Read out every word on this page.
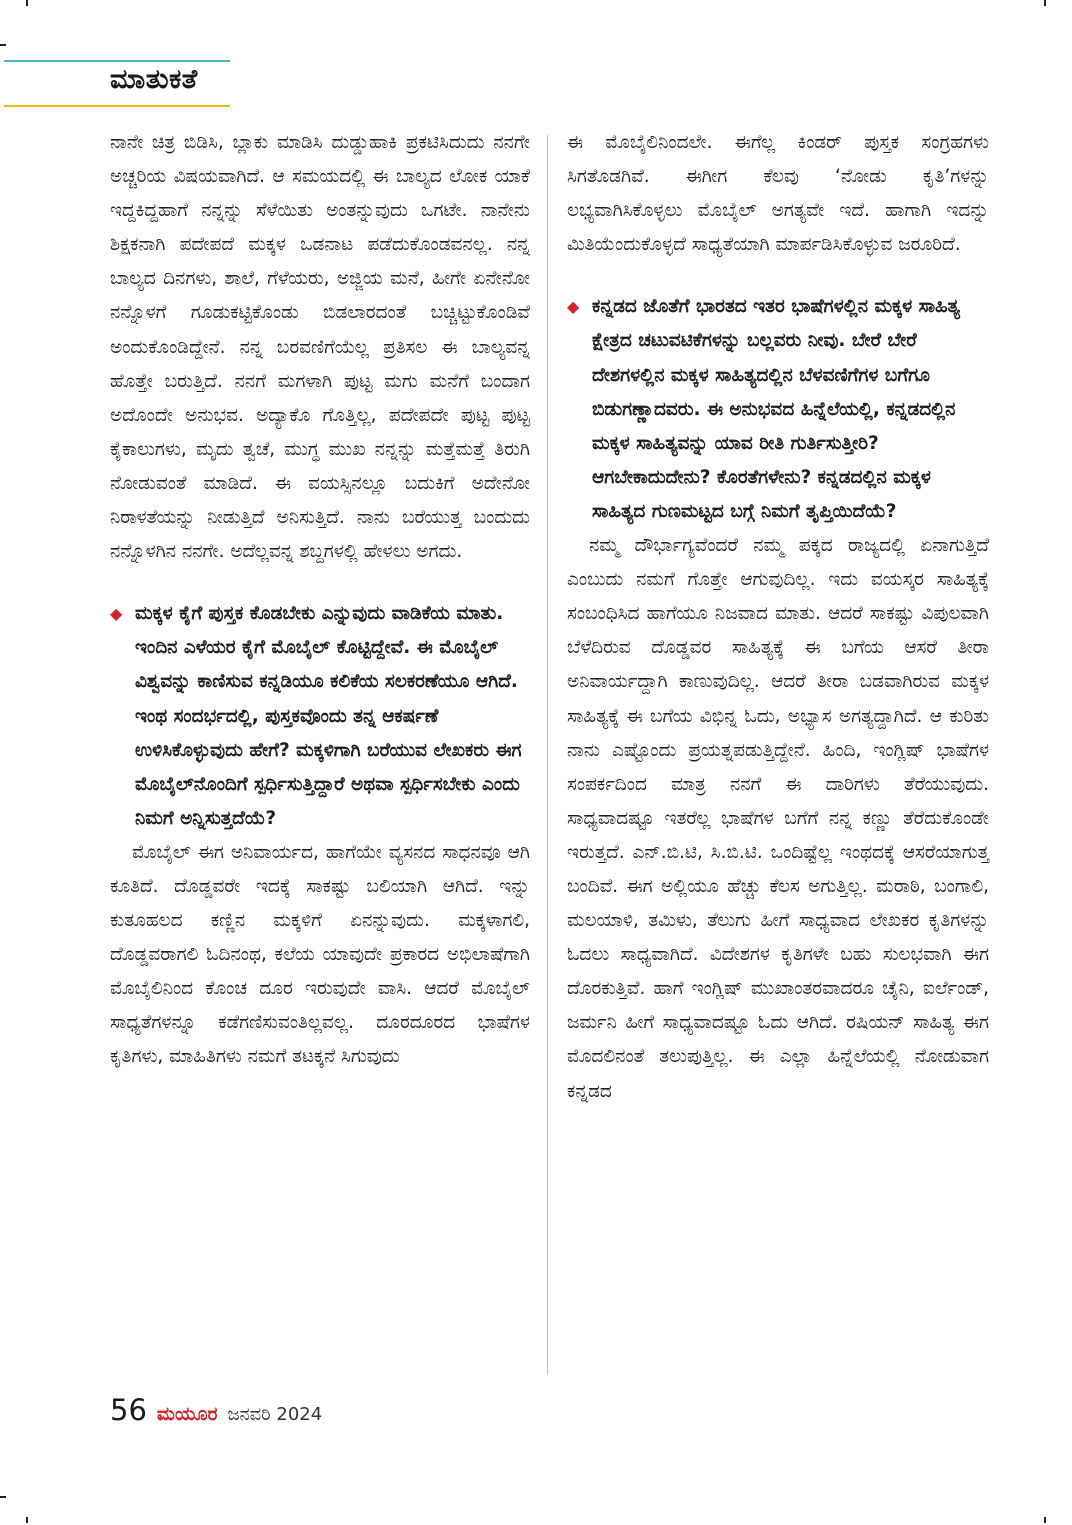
ಮಾತುಕತೆ

ನಾನೇ ಚಿತ್ರ ಬಿಡಿಸಿ, ಬ್ಲಾಕು ಮಾಡಿಸಿ ದುಡ್ಡುಹಾಕಿ ಪ್ರಕಟಿಸಿದುದು ನನಗೇ ಅಚ್ಚರಿಯ ವಿಷಯವಾಗಿದೆ. ಆ ಸಮಯದಲ್ಲಿ ಈ ಬಾಲ್ಯದ ಲೋಕ ಯಾಕೆ ಇದ್ದಕಿದ್ದಹಾಗೆ ನನ್ನನ್ನು ಸೆಳೆಯಿತು ಅಂತನ್ನುವುದು ಒಗಟೇ. ನಾನೇನು ಶಿಕ್ಷಕನಾಗಿ ಪದೇಪದೆ ಮಕ್ಕಳ ಒಡನಾಟ ಪಡೆದುಕೊಂಡವನಲ್ಲ. ನನ್ನ ಬಾಲ್ಯದ ದಿನಗಳು, ಶಾಲೆ, ಗೆಳೆಯರು, ಅಜ್ಜಿಯ ಮನೆ, ಹೀಗೇ ಏನೇನೋ ನನ್ನೊಳಗೆ ಗೂಡುಕಟ್ಟಿಕೊಂಡು ಬಿಡಲಾರದಂತೆ ಬಚ್ಚಿಟ್ಟುಕೊಂಡಿವೆ ಅಂದುಕೊಂಡಿದ್ದೇನೆ. ನನ್ನ ಬರವಣಿಗೆಯೆಲ್ಲ ಪ್ರತಿಸಲ ಈ ಬಾಲ್ಯವನ್ನ ಹೊತ್ತೇ ಬರುತ್ತಿದೆ. ನನಗೆ ಮಗಳಾಗಿ ಪುಟ್ಟ ಮಗು ಮನೆಗೆ ಬಂದಾಗ ಅದೊಂದೇ ಅನುಭವ. ಅದ್ಯಾಕೊ ಗೊತ್ತಿಲ್ಲ, ಪದೇಪದೇ ಪುಟ್ಟ ಪುಟ್ಟ ಕೈಕಾಲುಗಳು, ಮೃದು ತ್ವಚೆ, ಮುಗ್ಧ ಮುಖ ನನ್ನನ್ನು ಮತ್ತೆಮತ್ತೆ ತಿರುಗಿ ನೋಡುವಂತೆ ಮಾಡಿದೆ. ಈ ವಯಸ್ಸಿನಲ್ಲೂ ಬದುಕಿಗೆ ಅದೇನೋ ನಿರಾಳತೆಯನ್ನು ನೀಡುತ್ತಿದೆ ಅನಿಸುತ್ತಿದೆ. ನಾನು ಬರೆಯುತ್ತ ಬಂದುದು ನನ್ನೊಳಗಿನ ನನಗೇ. ಅದೆಲ್ಲವನ್ನ ಶಬ್ದಗಳಲ್ಲಿ ಹೇಳಲು ಅಗದು.

◆ ಮಕ್ಕಳ ಕೈಗೆ ಪುಸ್ತಕ ಕೊಡಬೇಕು ಎನ್ನುವುದು ವಾಡಿಕೆಯ ಮಾತು. ಇಂದಿನ ಎಳೆಯರ ಕೈಗೆ ಮೊಬೈಲ್ ಕೊಟ್ಟಿದ್ದೇವೆ. ಈ ಮೊಬೈಲ್ ವಿಶ್ವವನ್ನು ಕಾಣಿಸುವ ಕನ್ನಡಿಯೂ ಕಲಿಕೆಯ ಸಲಕರಣೆಯೂ ಆಗಿದೆ. ಇಂಥ ಸಂದರ್ಭದಲ್ಲಿ, ಪುಸ್ತಕವೊಂದು ತನ್ನ ಆಕರ್ಷಣೆ ಉಳಿಸಿಕೊಳ್ಳುವುದು ಹೇಗೆ? ಮಕ್ಕಳಿಗಾಗಿ ಬರೆಯುವ ಲೇಖಕರು ಈಗ ಮೊಬೈಲ್‌ನೊಂದಿಗೆ ಸ್ಪರ್ಧಿಸುತ್ತಿದ್ದಾರೆ ಅಥವಾ ಸ್ಪರ್ಧಿಸಬೇಕು ಎಂದು ನಿಮಗೆ ಅನ್ನಿಸುತ್ತದೆಯೆ?

ಮೊಬೈಲ್ ಈಗ ಅನಿವಾರ್ಯದ, ಹಾಗೆಯೇ ವ್ಯಸನದ ಸಾಧನವೂ ಆಗಿ ಕೂತಿದೆ. ದೊಡ್ಡವರೇ ಇದಕ್ಕೆ ಸಾಕಷ್ಟು ಬಲಿಯಾಗಿ ಆಗಿದೆ. ಇನ್ನು ಕುತೂಹಲದ ಕಣ್ಣಿನ ಮಕ್ಕಳಿಗೆ ಏನನ್ನುವುದು. ಮಕ್ಕಳಾಗಲಿ, ದೊಡ್ಡವರಾಗಲಿ ಓದಿನಂಥ, ಕಲೆಯ ಯಾವುದೇ ಪ್ರಕಾರದ ಅಭಿಲಾಷೆಗಾಗಿ ಮೊಬೈಲಿನಿಂದ ಕೊಂಚ ದೂರ ಇರುವುದೇ ವಾಸಿ. ಆದರೆ ಮೊಬೈಲ್ ಸಾಧ್ಯತೆಗಳನ್ನೂ ಕಡೆಗಣಿಸುವಂತಿಲ್ಲವಲ್ಲ. ದೂರದೂರದ ಭಾಷೆಗಳ ಕೃತಿಗಳು, ಮಾಹಿತಿಗಳು ನಮಗೆ ತಟಕ್ಕನೆ ಸಿಗುವುದು

ಈ ಮೊಬೈಲಿನಿಂದಲೇ. ಈಗೆಲ್ಲ ಕಿಂಡರ್ ಪುಸ್ತಕ ಸಂಗ್ರಹಗಳು ಸಿಗತೊಡಗಿವೆ. ಈಗೀಗ ಕೆಲವು ‘ನೋಡು ಕೃತಿ’ಗಳನ್ನು ಲಭ್ಯವಾಗಿಸಿಕೊಳ್ಳಲು ಮೊಬೈಲ್ ಅಗತ್ಯವೇ ಇದೆ. ಹಾಗಾಗಿ ಇದನ್ನು ಮಿತಿಯೆಂದುಕೊಳ್ಳದೆ ಸಾಧ್ಯತೆಯಾಗಿ ಮಾರ್ಪಡಿಸಿಕೊಳ್ಳುವ ಜರೂರಿದೆ.

◆ ಕನ್ನಡದ ಜೊತೆಗೆ ಭಾರತದ ಇತರ ಭಾಷೆಗಳಲ್ಲಿನ ಮಕ್ಕಳ ಸಾಹಿತ್ಯ ಕ್ಷೇತ್ರದ ಚಟುವಟಿಕೆಗಳನ್ನು ಬಲ್ಲವರು ನೀವು. ಬೇರೆ ಬೇರೆ ದೇಶಗಳಲ್ಲಿನ ಮಕ್ಕಳ ಸಾಹಿತ್ಯದಲ್ಲಿನ ಬೆಳವಣಿಗೆಗಳ ಬಗೆಗೂ ಬಿಡುಗಣ್ಣಾದವರು. ಈ ಅನುಭವದ ಹಿನ್ನೆಲೆಯಲ್ಲಿ, ಕನ್ನಡದಲ್ಲಿನ ಮಕ್ಕಳ ಸಾಹಿತ್ಯವನ್ನು ಯಾವ ರೀತಿ ಗುರ್ತಿಸುತ್ತೀರಿ? ಆಗಬೇಕಾದುದೇನು? ಕೊರತೆಗಳೇನು? ಕನ್ನಡದಲ್ಲಿನ ಮಕ್ಕಳ ಸಾಹಿತ್ಯದ ಗುಣಮಟ್ಟದ ಬಗ್ಗೆ ನಿಮಗೆ ತೃಪ್ತಿಯಿದೆಯೆ?

ನಮ್ಮ ದೌರ್ಭಾಗ್ಯವೆಂದರೆ ನಮ್ಮ ಪಕ್ಕದ ರಾಜ್ಯದಲ್ಲಿ ಏನಾಗುತ್ತಿದೆ ಎಂಬುದು ನಮಗೆ ಗೊತ್ತೇ ಆಗುವುದಿಲ್ಲ. ಇದು ವಯಸ್ಕರ ಸಾಹಿತ್ಯಕ್ಕೆ ಸಂಬಂಧಿಸಿದ ಹಾಗೆಯೂ ನಿಜವಾದ ಮಾತು. ಆದರೆ ಸಾಕಷ್ಟು ವಿಪುಲವಾಗಿ ಬೆಳೆದಿರುವ ದೊಡ್ಡವರ ಸಾಹಿತ್ಯಕ್ಕೆ ಈ ಬಗೆಯ ಆಸರೆ ತೀರಾ ಅನಿವಾರ್ಯದ್ದಾಗಿ ಕಾಣುವುದಿಲ್ಲ. ಆದರೆ ತೀರಾ ಬಡವಾಗಿರುವ ಮಕ್ಕಳ ಸಾಹಿತ್ಯಕ್ಕೆ ಈ ಬಗೆಯ ವಿಭಿನ್ನ ಓದು, ಅಭ್ಯಾಸ ಅಗತ್ಯದ್ದಾಗಿದೆ. ಆ ಕುರಿತು ನಾನು ಎಷ್ಟೊಂದು ಪ್ರಯತ್ನಪಡುತ್ತಿದ್ದೇನೆ. ಹಿಂದಿ, ಇಂಗ್ಲಿಷ್ ಭಾಷೆಗಳ ಸಂಪರ್ಕದಿಂದ ಮಾತ್ರ ನನಗೆ ಈ ದಾರಿಗಳು ತೆರೆಯುವುದು. ಸಾಧ್ಯವಾದಷ್ಟೂ ಇತರೆಲ್ಲ ಭಾಷೆಗಳ ಬಗೆಗೆ ನನ್ನ ಕಣ್ಣು ತೆರೆದುಕೊಂಡೇ ಇರುತ್ತದೆ. ಎನ್.ಬಿ.ಟಿ, ಸಿ.ಬಿ.ಟಿ. ಒಂದಿಷ್ಟೆಲ್ಲ ಇಂಥದಕ್ಕೆ ಆಸರೆಯಾಗುತ್ತ ಬಂದಿವೆ. ಈಗ ಅಲ್ಲಿಯೂ ಹೆಚ್ಚು ಕೆಲಸ ಅಗುತ್ತಿಲ್ಲ. ಮರಾಠಿ, ಬಂಗಾಲಿ, ಮಲಯಾಳಿ, ತಮಿಳು, ತೆಲುಗು ಹೀಗೆ ಸಾಧ್ಯವಾದ ಲೇಖಕರ ಕೃತಿಗಳನ್ನು ಓದಲು ಸಾಧ್ಯವಾಗಿದೆ. ವಿದೇಶಗಳ ಕೃತಿಗಳೇ ಬಹು ಸುಲಭವಾಗಿ ಈಗ ದೊರಕುತ್ತಿವೆ. ಹಾಗೆ ಇಂಗ್ಲಿಷ್ ಮುಖಾಂತರವಾದರೂ ಚೈನಿ, ಐರ್ಲೆಂಡ್, ಜರ್ಮನಿ ಹೀಗೆ ಸಾಧ್ಯವಾದಷ್ಟೂ ಓದು ಆಗಿದೆ. ರಷಿಯನ್ ಸಾಹಿತ್ಯ ಈಗ ಮೊದಲಿನಂತೆ ತಲುಪುತ್ತಿಲ್ಲ. ಈ ಎಲ್ಲಾ ಹಿನ್ನೆಲೆಯಲ್ಲಿ ನೋಡುವಾಗ ಕನ್ನಡದ

56 ಮಯೂರ ಜನವರಿ 2024
